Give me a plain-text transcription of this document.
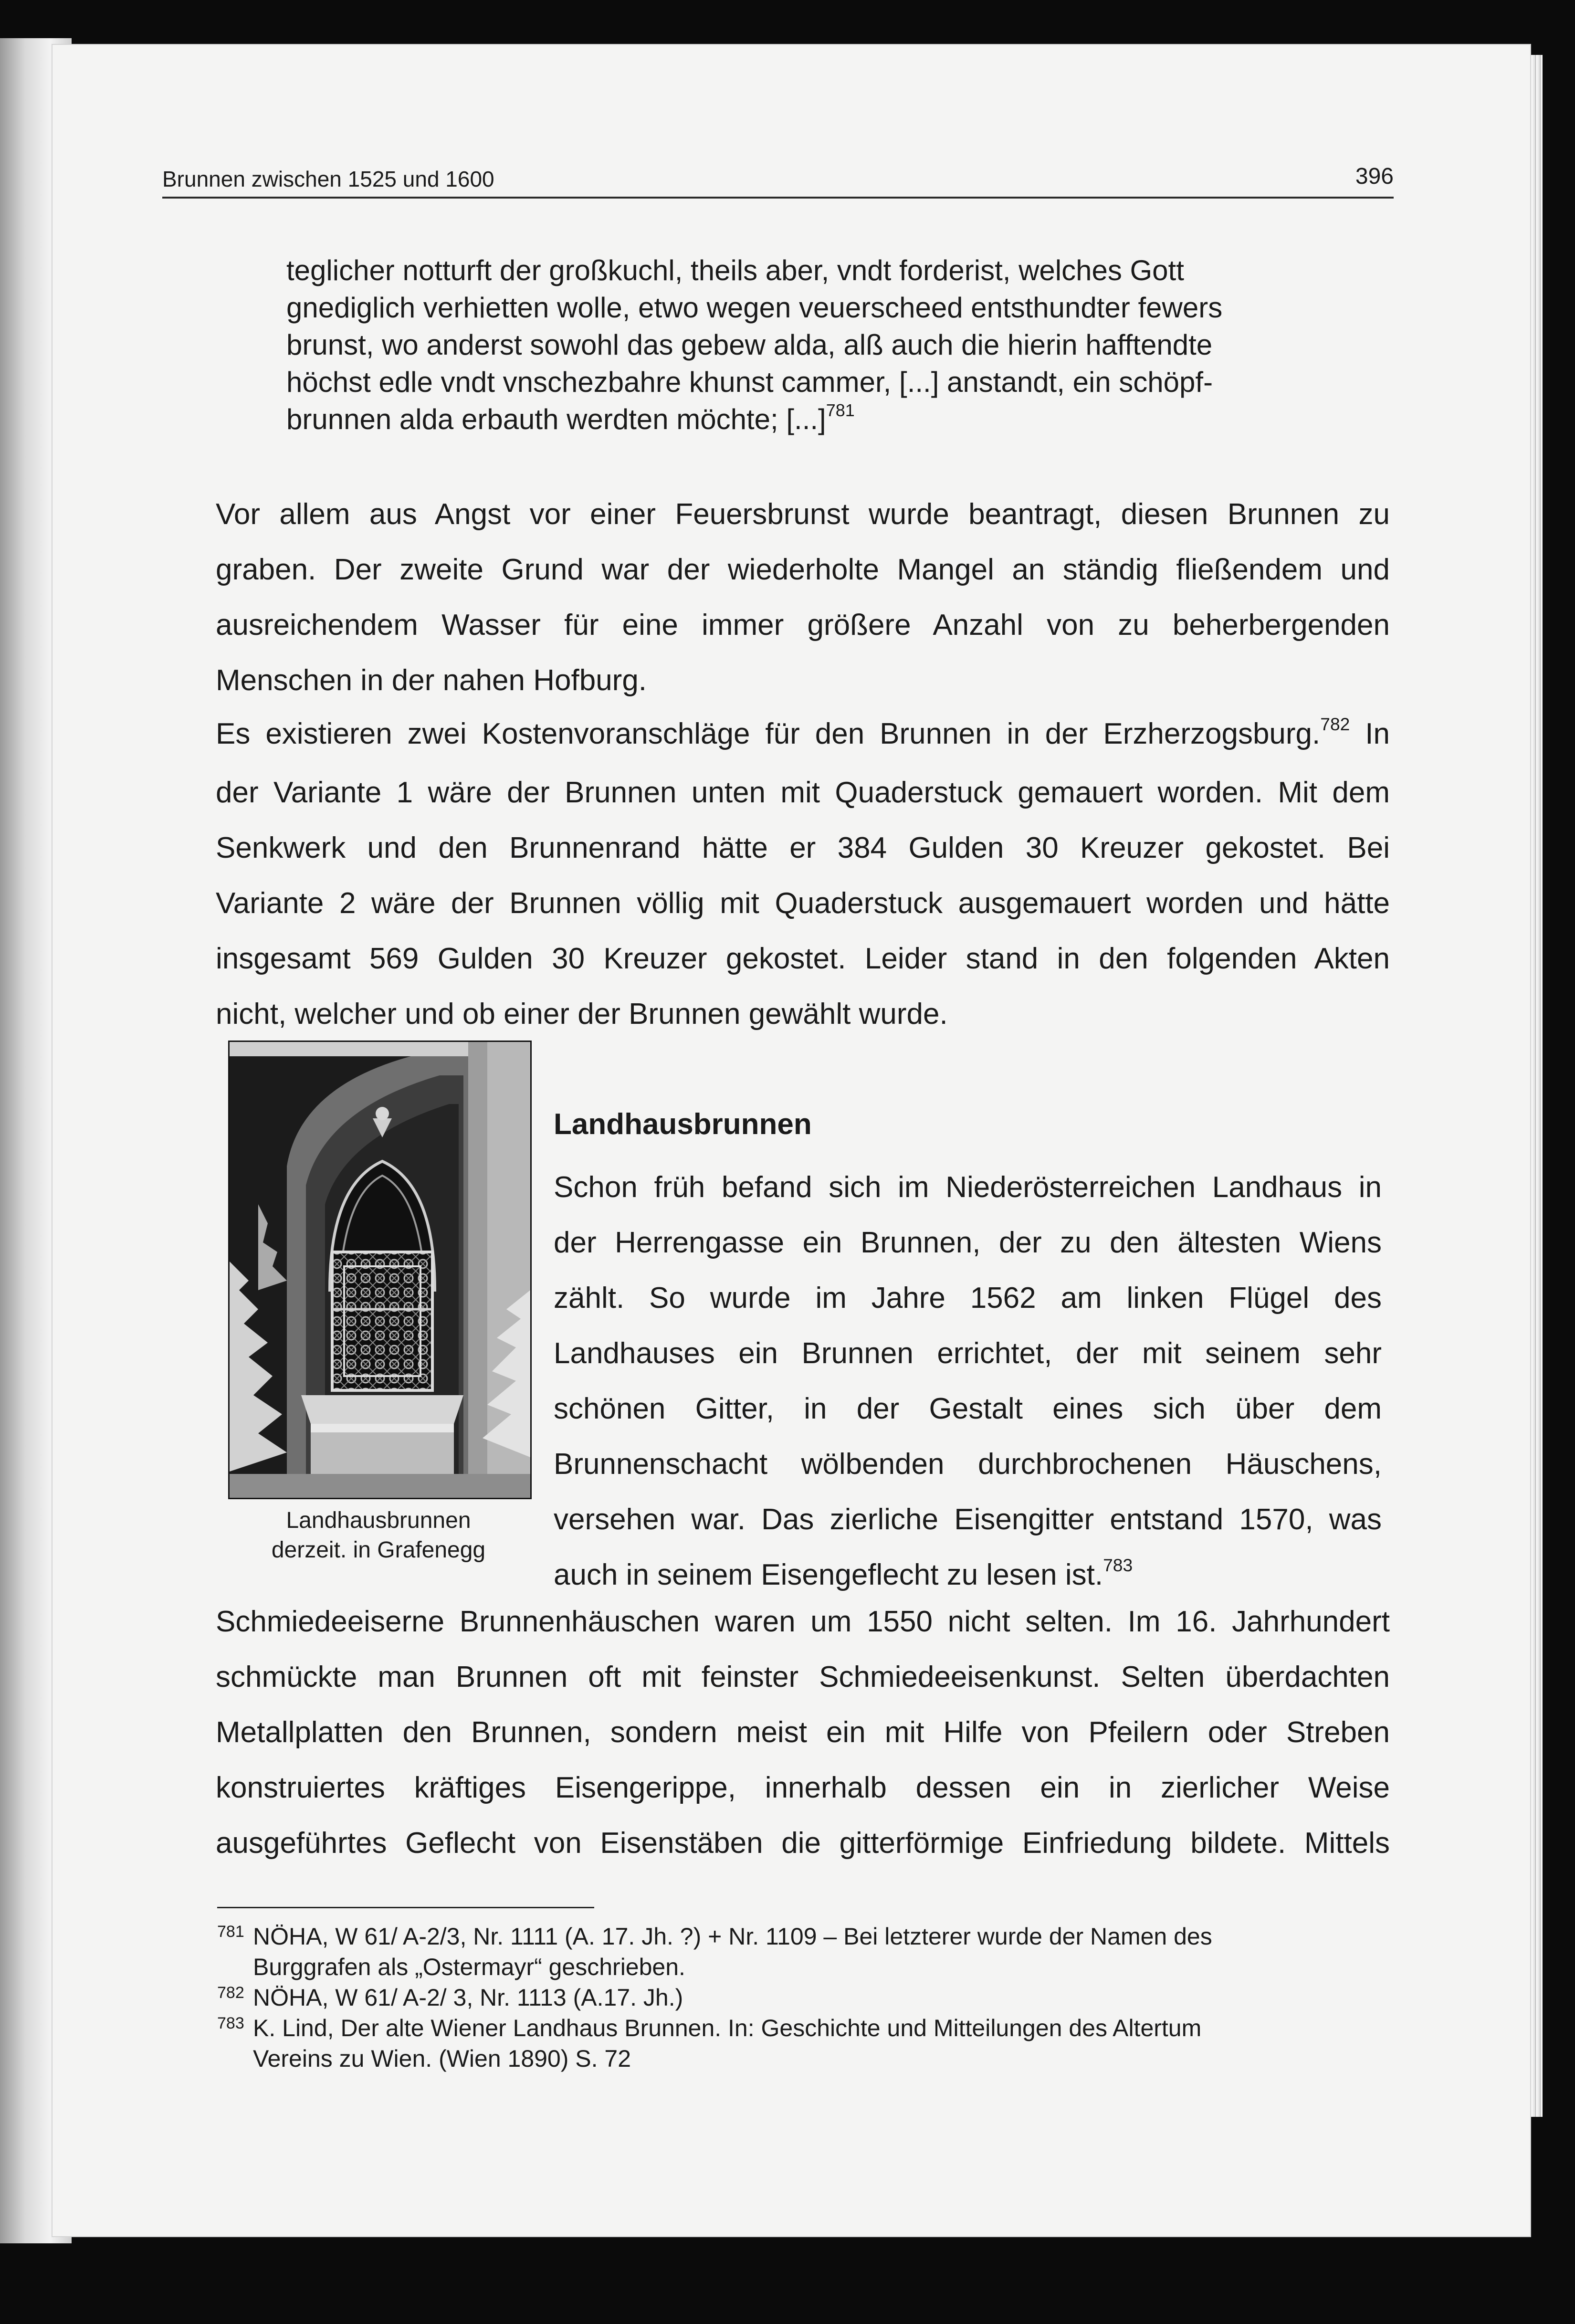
Brunnen zwischen 1525 und 1600	396
teglicher notturft der großkuchl, theils aber, vndt forderist, welches Gott
gnediglich verhietten wolle, etwo wegen veuerscheed entsthundter fewers
brunst, wo anderst sowohl das gebew alda, alß auch die hierin hafftendte
höchst edle vndt vnschezbahre khunst cammer, [...] anstandt, ein schöpf-
brunnen alda erbauth werdten möchte; [...]$^{781}$
Vor allem aus Angst vor einer Feuersbrunst wurde beantragt, diesen Brunnen zu
graben. Der zweite Grund war der wiederholte Mangel an ständig fließendem und
ausreichendem Wasser für eine immer größere Anzahl von zu beherbergenden
Menschen in der nahen Hofburg.
Es existieren zwei Kostenvoranschläge für den Brunnen in der Erzherzogsburg.$^{782}$ In
der Variante 1 wäre der Brunnen unten mit Quaderstuck gemauert worden. Mit dem
Senkwerk und den Brunnenrand hätte er 384 Gulden 30 Kreuzer gekostet. Bei
Variante 2 wäre der Brunnen völlig mit Quaderstuck ausgemauert worden und hätte
insgesamt 569 Gulden 30 Kreuzer gekostet. Leider stand in den folgenden Akten
nicht, welcher und ob einer der Brunnen gewählt wurde.
Landhausbrunnen
derzeit. in Grafenegg
Landhausbrunnen
Schon früh befand sich im Niederösterreichen Landhaus in
der Herrengasse ein Brunnen, der zu den ältesten Wiens
zählt. So wurde im Jahre 1562 am linken Flügel des
Landhauses ein Brunnen errichtet, der mit seinem sehr
schönen Gitter, in der Gestalt eines sich über dem
Brunnenschacht wölbenden durchbrochenen Häuschens,
versehen war. Das zierliche Eisengitter entstand 1570, was
auch in seinem Eisengeflecht zu lesen ist.$^{783}$
Schmiedeeiserne Brunnenhäuschen waren um 1550 nicht selten. Im 16. Jahrhundert
schmückte man Brunnen oft mit feinster Schmiedeeisenkunst. Selten überdachten
Metallplatten den Brunnen, sondern meist ein mit Hilfe von Pfeilern oder Streben
konstruiertes kräftiges Eisengerippe, innerhalb dessen ein in zierlicher Weise
ausgeführtes Geflecht von Eisenstäben die gitterförmige Einfriedung bildete. Mittels
781 NÖHA, W 61/ A-2/3, Nr. 1111 (A. 17. Jh. ?) + Nr. 1109 – Bei letzterer wurde der Namen des
Burggrafen als „Ostermayr“ geschrieben.
782 NÖHA, W 61/ A-2/ 3, Nr. 1113 (A.17. Jh.)
783 K. Lind, Der alte Wiener Landhaus Brunnen. In: Geschichte und Mitteilungen des Altertum
Vereins zu Wien. (Wien 1890) S. 72
